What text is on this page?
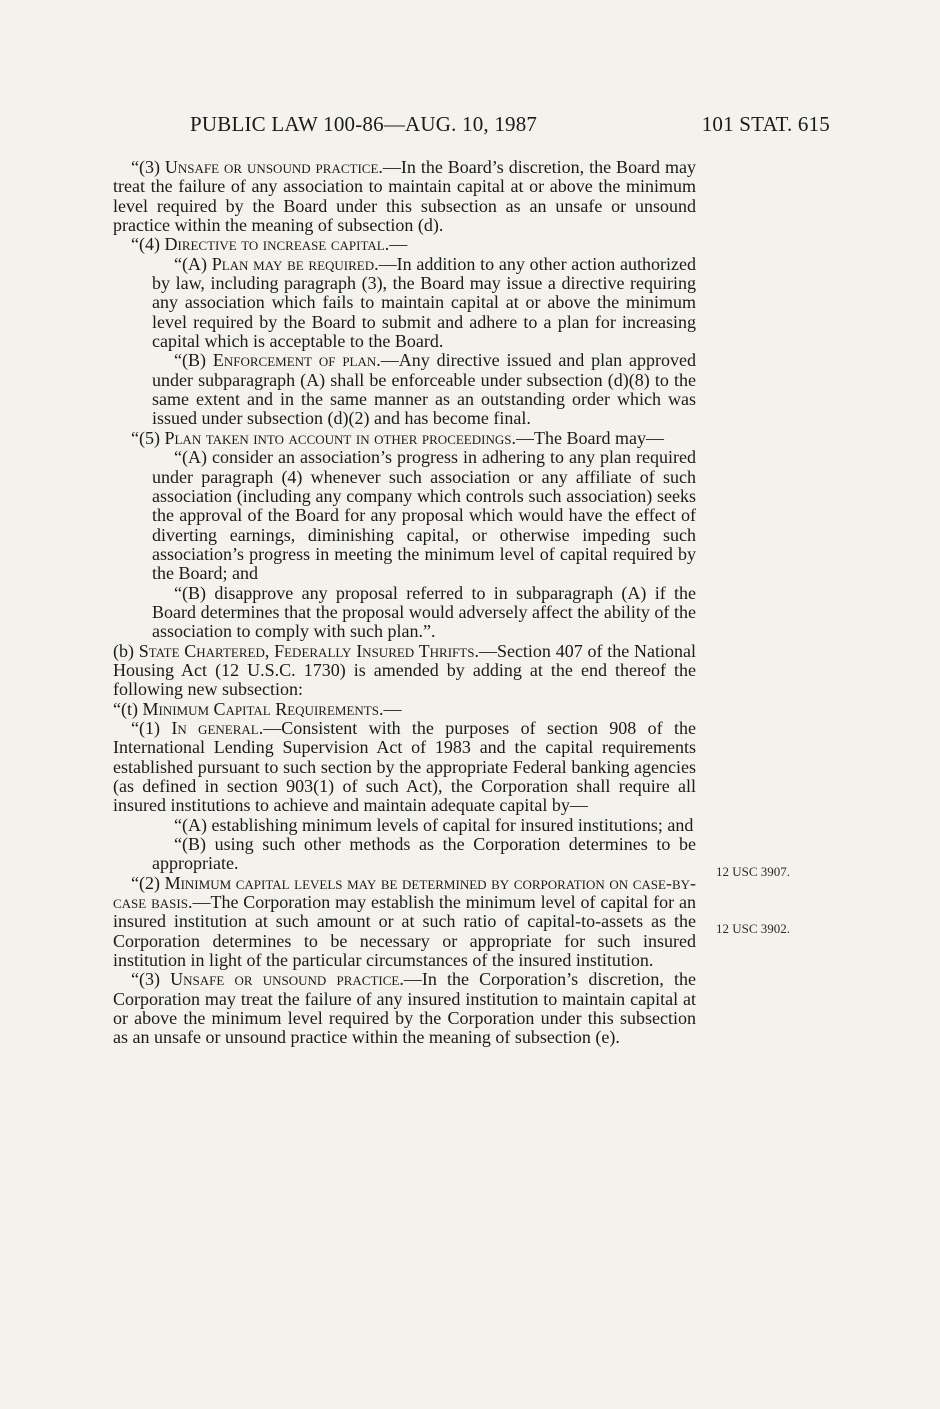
PUBLIC LAW 100-86—AUG. 10, 1987	101 STAT. 615

“(3) Unsafe or unsound practice.—In the Board’s discretion, the Board may treat the failure of any association to maintain capital at or above the minimum level required by the Board under this subsection as an unsafe or unsound practice within the meaning of subsection (d).

“(4) Directive to increase capital.—

“(A) Plan may be required.—In addition to any other action authorized by law, including paragraph (3), the Board may issue a directive requiring any association which fails to maintain capital at or above the minimum level required by the Board to submit and adhere to a plan for increasing capital which is acceptable to the Board.

“(B) Enforcement of plan.—Any directive issued and plan approved under subparagraph (A) shall be enforceable under subsection (d)(8) to the same extent and in the same manner as an outstanding order which was issued under subsection (d)(2) and has become final.

“(5) Plan taken into account in other proceedings.—The Board may—

“(A) consider an association’s progress in adhering to any plan required under paragraph (4) whenever such association or any affiliate of such association (including any company which controls such association) seeks the approval of the Board for any proposal which would have the effect of diverting earnings, diminishing capital, or otherwise impeding such association’s progress in meeting the minimum level of capital required by the Board; and

“(B) disapprove any proposal referred to in subparagraph (A) if the Board determines that the proposal would adversely affect the ability of the association to comply with such plan.”.

(b) State Chartered, Federally Insured Thrifts.—Section 407 of the National Housing Act (12 U.S.C. 1730) is amended by adding at the end thereof the following new subsection:

“(t) Minimum Capital Requirements.—

“(1) In general.—Consistent with the purposes of section 908 of the International Lending Supervision Act of 1983 and the capital requirements established pursuant to such section by the appropriate Federal banking agencies (as defined in section 903(1) of such Act), the Corporation shall require all insured institutions to achieve and maintain adequate capital by—

“(A) establishing minimum levels of capital for insured institutions; and

“(B) using such other methods as the Corporation determines to be appropriate.

“(2) Minimum capital levels may be determined by corporation on case-by-case basis.—The Corporation may establish the minimum level of capital for an insured institution at such amount or at such ratio of capital-to-assets as the Corporation determines to be necessary or appropriate for such insured institution in light of the particular circumstances of the insured institution.

“(3) Unsafe or unsound practice.—In the Corporation’s discretion, the Corporation may treat the failure of any insured institution to maintain capital at or above the minimum level required by the Corporation under this subsection as an unsafe or unsound practice within the meaning of subsection (e).

12 USC 3907.
12 USC 3902.
